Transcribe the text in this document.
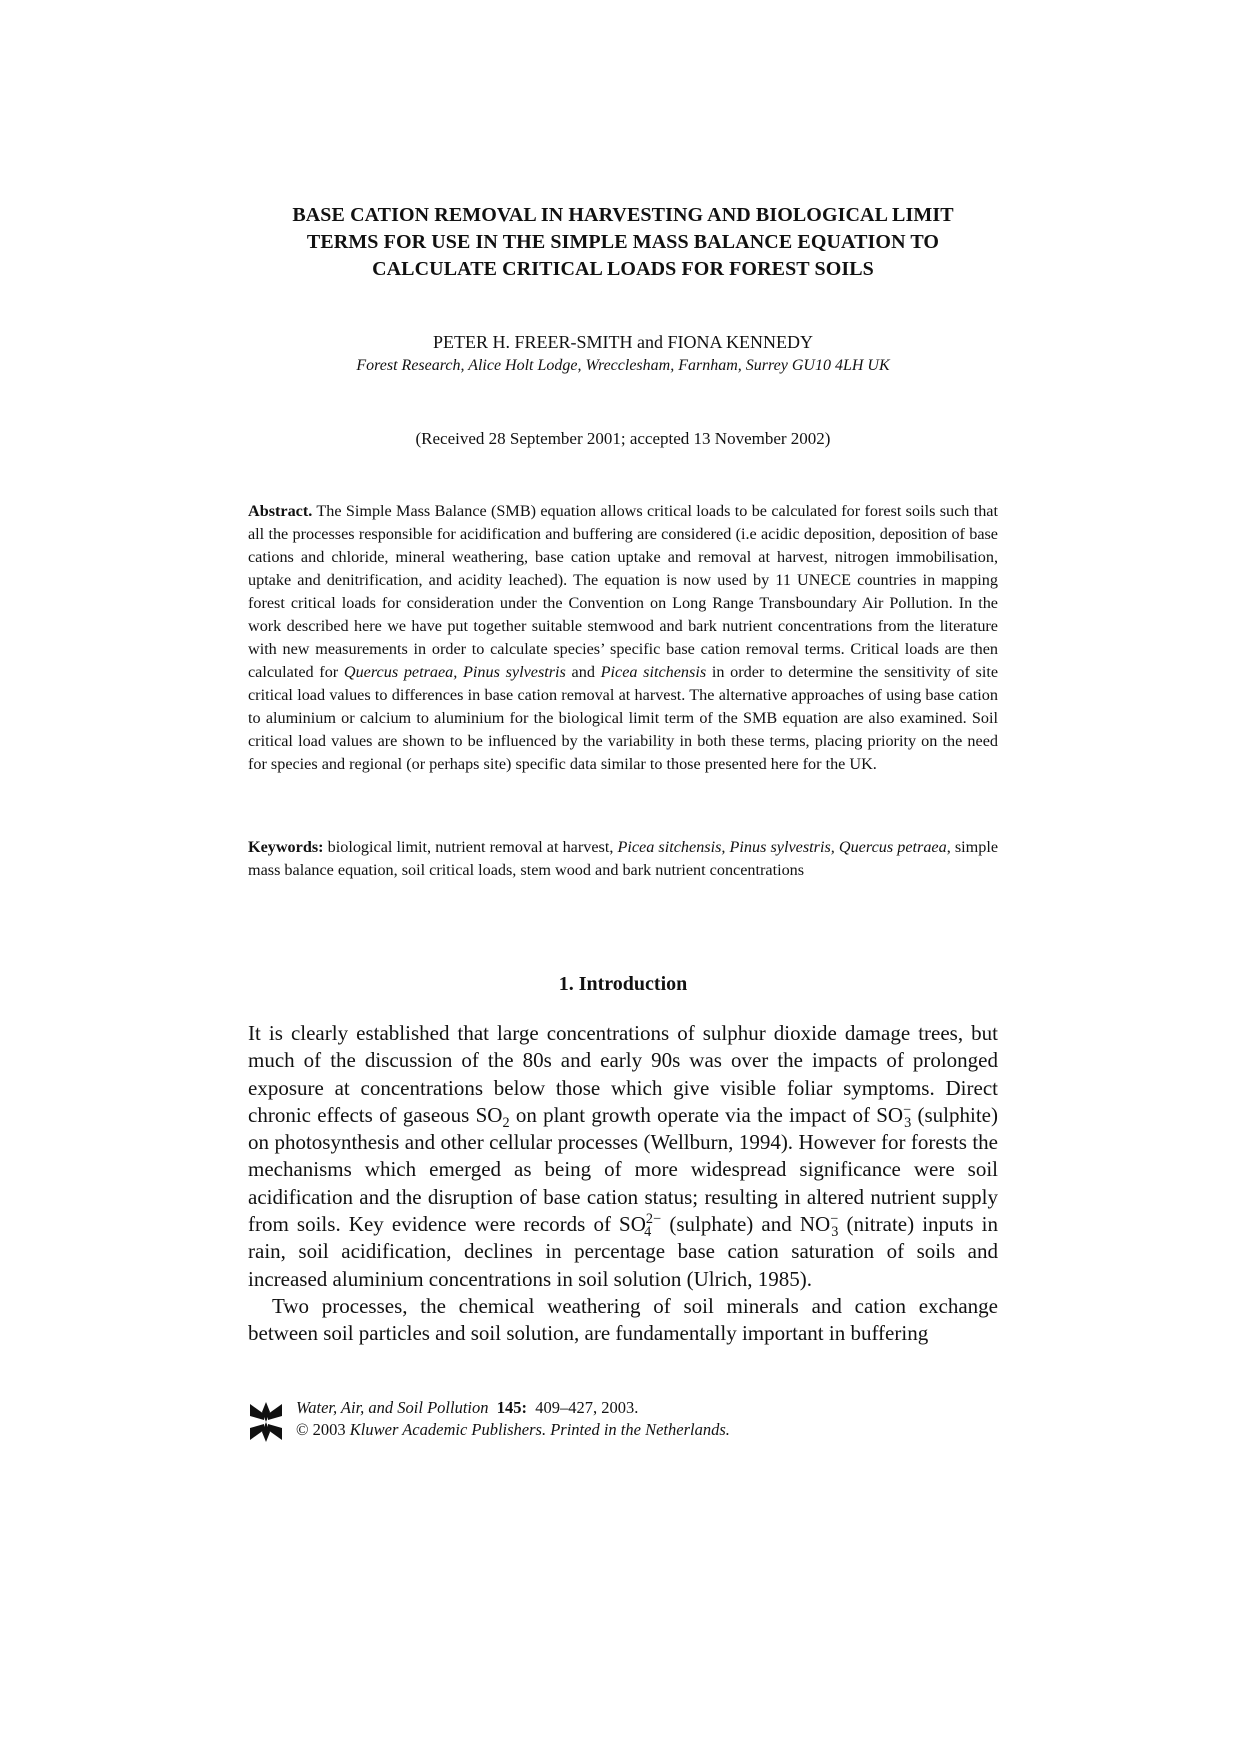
BASE CATION REMOVAL IN HARVESTING AND BIOLOGICAL LIMIT
TERMS FOR USE IN THE SIMPLE MASS BALANCE EQUATION TO
CALCULATE CRITICAL LOADS FOR FOREST SOILS
PETER H. FREER-SMITH and FIONA KENNEDY
Forest Research, Alice Holt Lodge, Wrecclesham, Farnham, Surrey GU10 4LH UK
(Received 28 September 2001; accepted 13 November 2002)
Abstract. The Simple Mass Balance (SMB) equation allows critical loads to be calculated for forest soils such that all the processes responsible for acidification and buffering are considered (i.e acidic deposition, deposition of base cations and chloride, mineral weathering, base cation uptake and removal at harvest, nitrogen immobilisation, uptake and denitrification, and acidity leached). The equation is now used by 11 UNECE countries in mapping forest critical loads for consideration under the Convention on Long Range Transboundary Air Pollution. In the work described here we have put together suitable stemwood and bark nutrient concentrations from the literature with new measurements in order to calculate species’ specific base cation removal terms. Critical loads are then calculated for Quercus petraea, Pinus sylvestris and Picea sitchensis in order to determine the sensitivity of site critical load values to differences in base cation removal at harvest. The alternative approaches of using base cation to aluminium or calcium to aluminium for the biological limit term of the SMB equation are also examined. Soil critical load values are shown to be influenced by the variability in both these terms, placing priority on the need for species and regional (or perhaps site) specific data similar to those presented here for the UK.
Keywords: biological limit, nutrient removal at harvest, Picea sitchensis, Pinus sylvestris, Quercus petraea, simple mass balance equation, soil critical loads, stem wood and bark nutrient concentrations
1. Introduction

It is clearly established that large concentrations of sulphur dioxide damage trees, but much of the discussion of the 80s and early 90s was over the impacts of prolonged exposure at concentrations below those which give visible foliar symptoms. Direct chronic effects of gaseous $SO_2$ on plant growth operate via the impact of $SO^-_3$ (sulphite) on photosynthesis and other cellular processes (Wellburn, 1994). However for forests the mechanisms which emerged as being of more widespread significance were soil acidification and the disruption of base cation status; resulting in altered nutrient supply from soils. Key evidence were records of $SO^{2-}_4$ (sulphate) and $NO^-_3$ (nitrate) inputs in rain, soil acidification, declines in percentage base cation saturation of soils and increased aluminium concentrations in soil solution (Ulrich, 1985).

Two processes, the chemical weathering of soil minerals and cation exchange between soil particles and soil solution, are fundamentally important in buffering

Water, Air, and Soil Pollution 145: 409–427, 2003.
© 2003 Kluwer Academic Publishers. Printed in the Netherlands.
